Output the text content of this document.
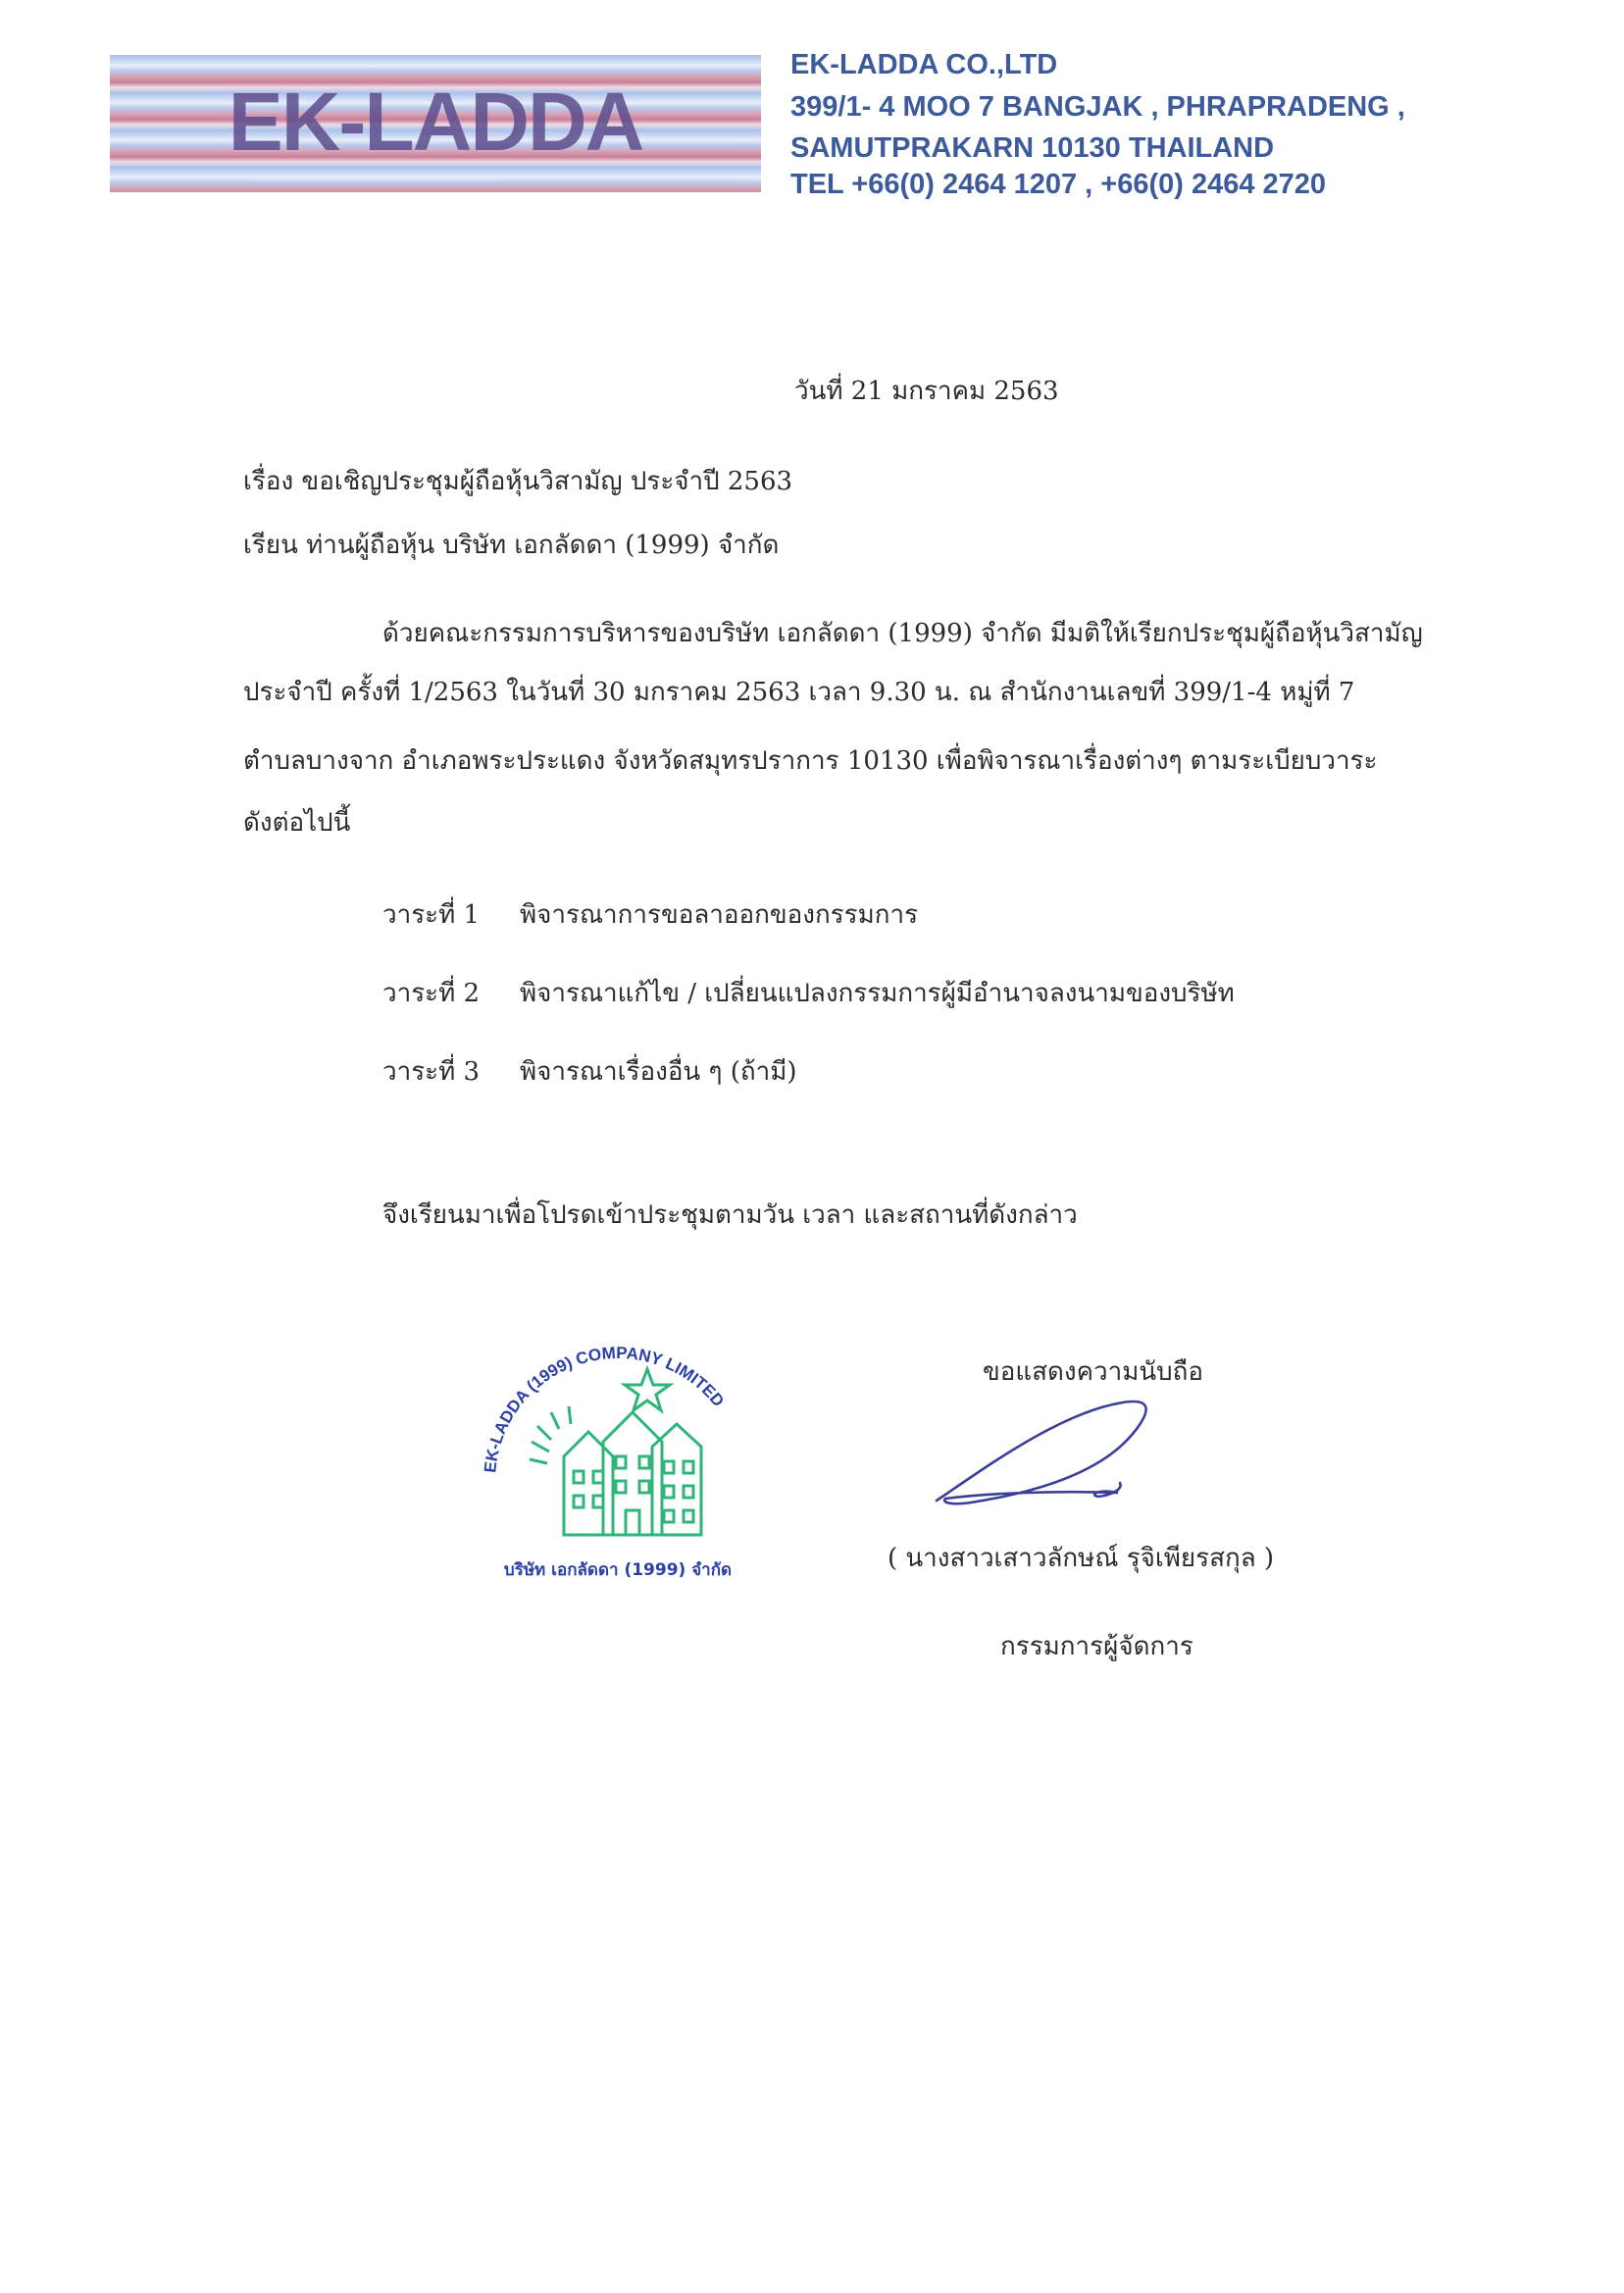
EK-LADDA
EK-LADDA CO.,LTD
399/1- 4 MOO 7 BANGJAK , PHRAPRADENG ,
SAMUTPRAKARN 10130 THAILAND
TEL +66(0) 2464 1207 , +66(0) 2464 2720
วันที่ 21 มกราคม 2563
เรื่อง ขอเชิญประชุมผู้ถือหุ้นวิสามัญ ประจำปี 2563
เรียน ท่านผู้ถือหุ้น บริษัท เอกลัดดา (1999) จำกัด
ด้วยคณะกรรมการบริหารของบริษัท เอกลัดดา (1999) จำกัด มีมติให้เรียกประชุมผู้ถือหุ้นวิสามัญ
ประจำปี ครั้งที่ 1/2563 ในวันที่ 30 มกราคม 2563 เวลา 9.30 น. ณ สำนักงานเลขที่ 399/1-4 หมู่ที่ 7
ตำบลบางจาก อำเภอพระประแดง จังหวัดสมุทรปราการ 10130 เพื่อพิจารณาเรื่องต่างๆ ตามระเบียบวาระ
ดังต่อไปนี้
วาระที่ 1 พิจารณาการขอลาออกของกรรมการ
วาระที่ 2 พิจารณาแก้ไข / เปลี่ยนแปลงกรรมการผู้มีอำนาจลงนามของบริษัท
วาระที่ 3 พิจารณาเรื่องอื่น ๆ (ถ้ามี)
จึงเรียนมาเพื่อโปรดเข้าประชุมตามวัน เวลา และสถานที่ดังกล่าว
ขอแสดงความนับถือ
EK-LADDA (1999) COMPANY LIMITED
บริษัท เอกลัดดา (1999) จำกัด	( นางสาวเสาวลักษณ์ รุจิเพียรสกุล )
กรรมการผู้จัดการ
